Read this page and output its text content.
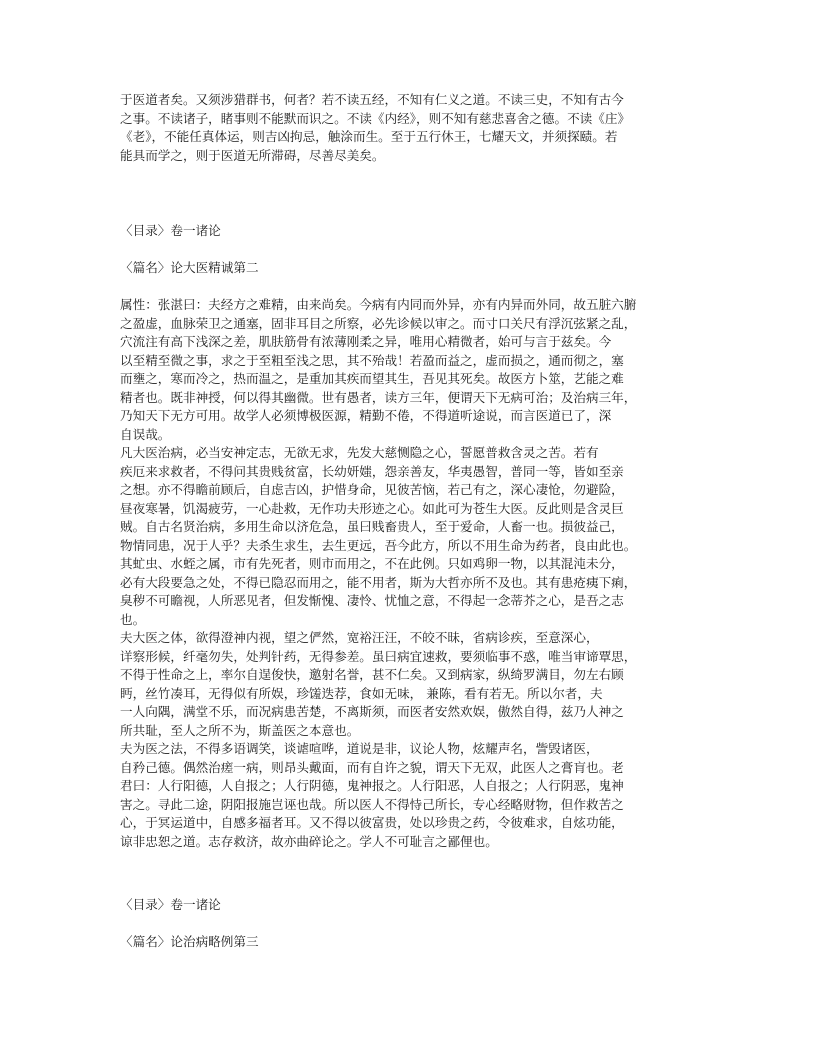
于医道者矣。又须涉猎群书，何者？若不读五经，不知有仁义之道。不读三史，不知有古今
之事。不读诸子，睹事则不能默而识之。不读《内经》，则不知有慈悲喜舍之德。不读《庄》
《老》，不能任真体运，则吉凶拘忌，触涂而生。至于五行休王，七耀天文，并须探赜。若
能具而学之，则于医道无所滞碍，尽善尽美矣。
〈目录〉卷一诸论
〈篇名〉论大医精诚第二
属性：张湛曰：夫经方之难精，由来尚矣。今病有内同而外异，亦有内异而外同，故五脏六腑
之盈虚，血脉荣卫之通塞，固非耳目之所察，必先诊候以审之。而寸口关尺有浮沉弦紧之乱，
穴流注有高下浅深之差，肌肤筋骨有浓薄刚柔之异，唯用心精微者，始可与言于兹矣。今
以至精至微之事，求之于至粗至浅之思，其不殆哉！若盈而益之，虚而损之，通而彻之，塞
而壅之，寒而冷之，热而温之，是重加其疾而望其生，吾见其死矣。故医方卜筮，艺能之难
精者也。既非神授，何以得其幽微。世有愚者，读方三年，便谓天下无病可治；及治病三年，
乃知天下无方可用。故学人必须博极医源，精勤不倦，不得道听途说，而言医道已了，深
自误哉。
凡大医治病，必当安神定志，无欲无求，先发大慈恻隐之心，誓愿普救含灵之苦。若有
疾厄来求救者，不得问其贵贱贫富，长幼妍媸，怨亲善友，华夷愚智，普同一等，皆如至亲
之想。亦不得瞻前顾后，自虑吉凶，护惜身命，见彼苦恼，若己有之，深心凄怆，勿避险，
昼夜寒暑，饥渴疲劳，一心赴救，无作功夫形迹之心。如此可为苍生大医。反此则是含灵巨
贼。自古名贤治病，多用生命以济危急，虽曰贱畜贵人，至于爱命，人畜一也。损彼益己，
物情同患，况于人乎？夫杀生求生，去生更远，吾今此方，所以不用生命为药者，良由此也。
其虻虫、水蛭之属，市有先死者，则市而用之，不在此例。只如鸡卵一物，以其混沌未分，
必有大段要急之处，不得已隐忍而用之，能不用者，斯为大哲亦所不及也。其有患疮痍下痢，
臭秽不可瞻视，人所恶见者，但发惭愧、凄怜、忧恤之意，不得起一念蒂芥之心，是吾之志
也。
夫大医之体，欲得澄神内视，望之俨然，宽裕汪汪，不皎不昧，省病诊疾，至意深心，
详察形候，纤毫勿失，处判针药，无得参差。虽曰病宜速救，要须临事不惑，唯当审谛覃思，
不得于性命之上，率尔自逞俊快，邀射名誉，甚不仁矣。又到病家，纵绮罗满目，勿左右顾
眄，丝竹凑耳，无得似有所娱，珍馐迭荐，食如无味， 兼陈，看有若无。所以尔者，夫
一人向隅，满堂不乐，而况病患苦楚，不离斯须，而医者安然欢娱，傲然自得，兹乃人神之
所共耻，至人之所不为，斯盖医之本意也。
夫为医之法，不得多语调笑，谈谑喧哗，道说是非，议论人物，炫耀声名，訾毁诸医，
自矜己德。偶然治瘥一病，则昂头戴面，而有自许之貌，谓天下无双，此医人之膏肓也。老
君曰：人行阳德，人自报之；人行阴德，鬼神报之。人行阳恶，人自报之；人行阴恶，鬼神
害之。寻此二途，阴阳报施岂诬也哉。所以医人不得恃己所长，专心经略财物，但作救苦之
心，于冥运道中，自感多福者耳。又不得以彼富贵，处以珍贵之药，令彼难求，自炫功能，
谅非忠恕之道。志存救济，故亦曲碎论之。学人不可耻言之鄙俚也。
〈目录〉卷一诸论
〈篇名〉论治病略例第三
